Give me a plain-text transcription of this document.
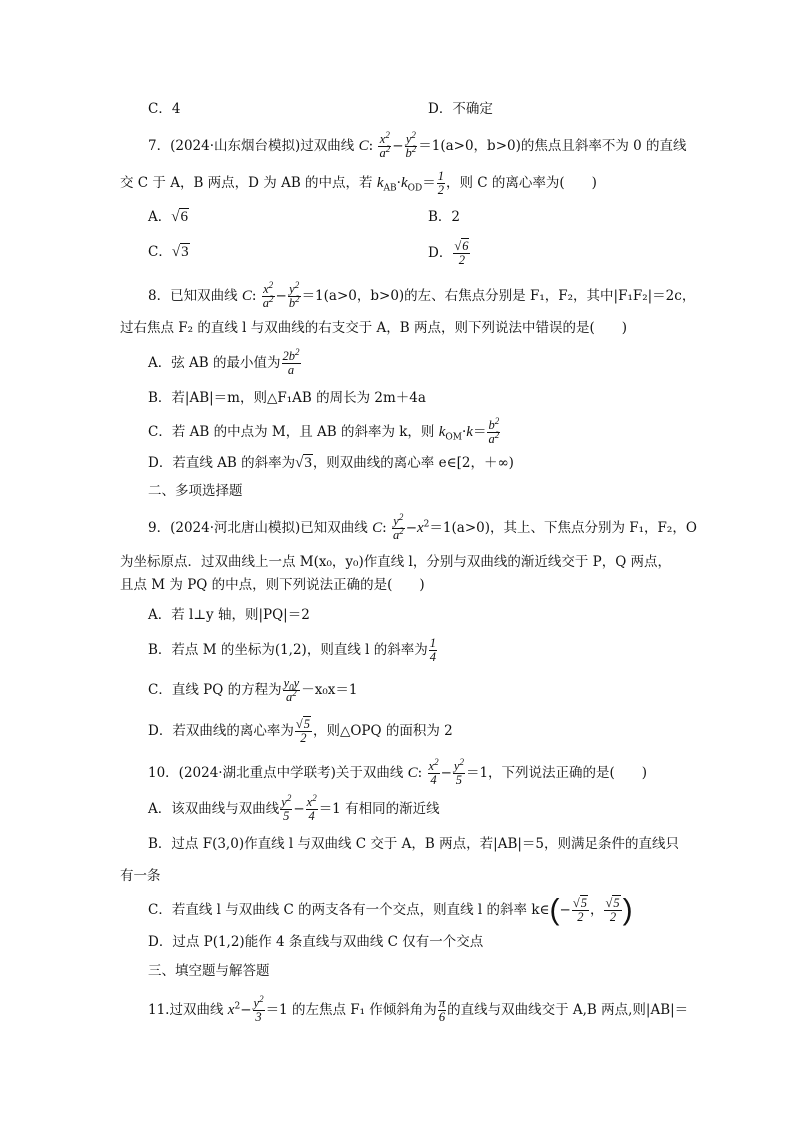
C．4	D．不确定
7．(2024·山东烟台模拟)过双曲线 C: $\frac{x^2}{a^2} - \frac{y^2}{b^2} =1(a>0$，b>0)的焦点且斜率不为 0 的直线
交 C 于 A，B 两点，D 为 AB 的中点，若 $k_{AB}\cdot k_{OD}= \frac{1}{2}$ ，则 C 的离心率为(　　)
A．√6	B．2
C．√3	D． $\frac{√6}{2}$
8．已知双曲线 C: $\frac{x^2}{a^2} - \frac{y^2}{b^2} =1(a>0$，b>0)的左、右焦点分别是 F₁，F₂，其中|F₁F₂|＝2c，
过右焦点 F₂ 的直线 l 与双曲线的右支交于 A，B 两点，则下列说法中错误的是(　　)
A．弦 AB 的最小值为 $\frac{2b^2}{a}$
B．若|AB|＝m，则△F₁AB 的周长为 2m＋4a
C．若 AB 的中点为 M，且 AB 的斜率为 k，则 $k_{OM}\cdot k= \frac{b^2}{a^2}$
D．若直线 AB 的斜率为√3，则双曲线的离心率 e∈[2，＋∞)
二、多项选择题
9．(2024·河北唐山模拟)已知双曲线 C: $\frac{y^2}{a^2} -x^2=1(a>0)$，其上、下焦点分别为 F₁，F₂，O
为坐标原点．过双曲线上一点 M(x₀，y₀)作直线 l，分别与双曲线的渐近线交于 P，Q 两点，
且点 M 为 PQ 的中点，则下列说法正确的是(　　)
A．若 l⊥y 轴，则|PQ|＝2
B．若点 M 的坐标为(1,2)，则直线 l 的斜率为 $\frac{1}{4}$
C．直线 PQ 的方程为 $\frac{y_0y}{a^2} -x_0x=1$
D．若双曲线的离心率为 $\frac{√5}{2}$ ，则△OPQ 的面积为 2
10．(2024·湖北重点中学联考)关于双曲线 C: $\frac{x^2}{4} - \frac{y^2}{5} =1$，下列说法正确的是(　　)
A．该双曲线与双曲线 $\frac{y^2}{5} - \frac{x^2}{4} =1$ 有相同的渐近线
B．过点 F(3,0)作直线 l 与双曲线 C 交于 A，B 两点，若|AB|＝5，则满足条件的直线只
有一条
C．若直线 l 与双曲线 C 的两支各有一个交点，则直线 l 的斜率 k∈(− $\frac{√5}{2}$ ， $\frac{√5}{2}$ )
D．过点 P(1,2)能作 4 条直线与双曲线 C 仅有一个交点
三、填空题与解答题
11.过双曲线 $x^2- \frac{y^2}{3} =1$ 的左焦点 F₁ 作倾斜角为 $\frac{\pi}{6}$ 的直线与双曲线交于 A,B 两点,则|AB|＝
